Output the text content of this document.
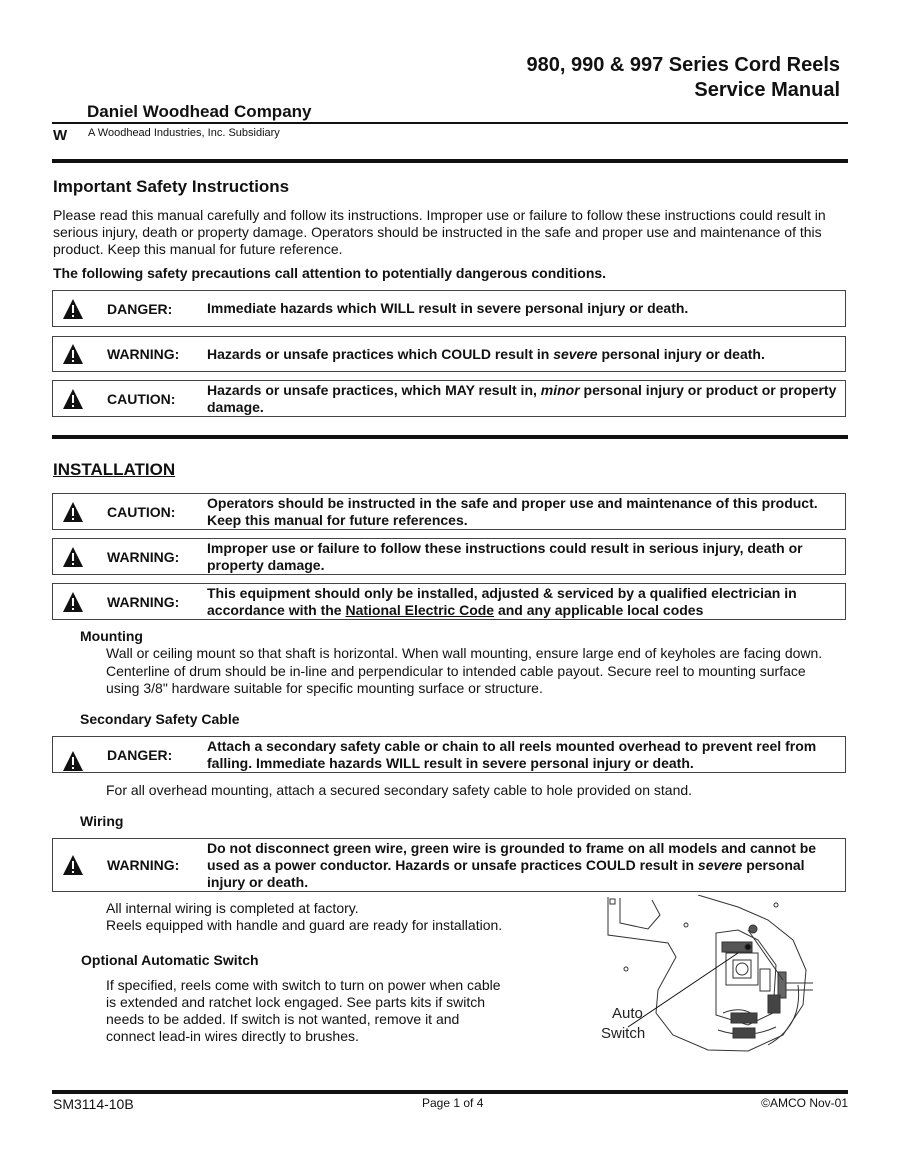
980, 990 & 997 Series Cord Reels
Service Manual
Daniel Woodhead Company
W A Woodhead Industries, Inc. Subsidiary
Important Safety Instructions
Please read this manual carefully and follow its instructions. Improper use or failure to follow these instructions could result in serious injury, death or property damage. Operators should be instructed in the safe and proper use and maintenance of this product. Keep this manual for future reference.
The following safety precautions call attention to potentially dangerous conditions.
DANGER:	Immediate hazards which WILL result in severe personal injury or death.
WARNING:	Hazards or unsafe practices which COULD result in severe personal injury or death.
CAUTION:
Hazards or unsafe practices, which MAY result in, minor personal injury or product or property damage.
INSTALLATION
CAUTION:
Operators should be instructed in the safe and proper use and maintenance of this product. Keep this manual for future references.
WARNING:
Improper use or failure to follow these instructions could result in serious injury, death or property damage.
WARNING:
This equipment should only be installed, adjusted & serviced by a qualified electrician in accordance with the National Electric Code and any applicable local codes
Mounting
Wall or ceiling mount so that shaft is horizontal. When wall mounting, ensure large end of keyholes are facing down. Centerline of drum should be in-line and perpendicular to intended cable payout. Secure reel to mounting surface using 3/8" hardware suitable for specific mounting surface or structure.
Secondary Safety Cable
DANGER:
Attach a secondary safety cable or chain to all reels mounted overhead to prevent reel from falling. Immediate hazards WILL result in severe personal injury or death.
For all overhead mounting, attach a secured secondary safety cable to hole provided on stand.
Wiring
WARNING:
Do not disconnect green wire, green wire is grounded to frame on all models and cannot be used as a power conductor. Hazards or unsafe practices COULD result in severe personal injury or death.
All internal wiring is completed at factory.
Reels equipped with handle and guard are ready for installation.
Optional Automatic Switch
If specified, reels come with switch to turn on power when cable
is extended and ratchet lock engaged. See parts kits if switch
needs to be added. If switch is not wanted, remove it and
connect lead-in wires directly to brushes.
Auto
Switch
SM3114-10B	Page 1 of 4	©AMCO Nov-01
